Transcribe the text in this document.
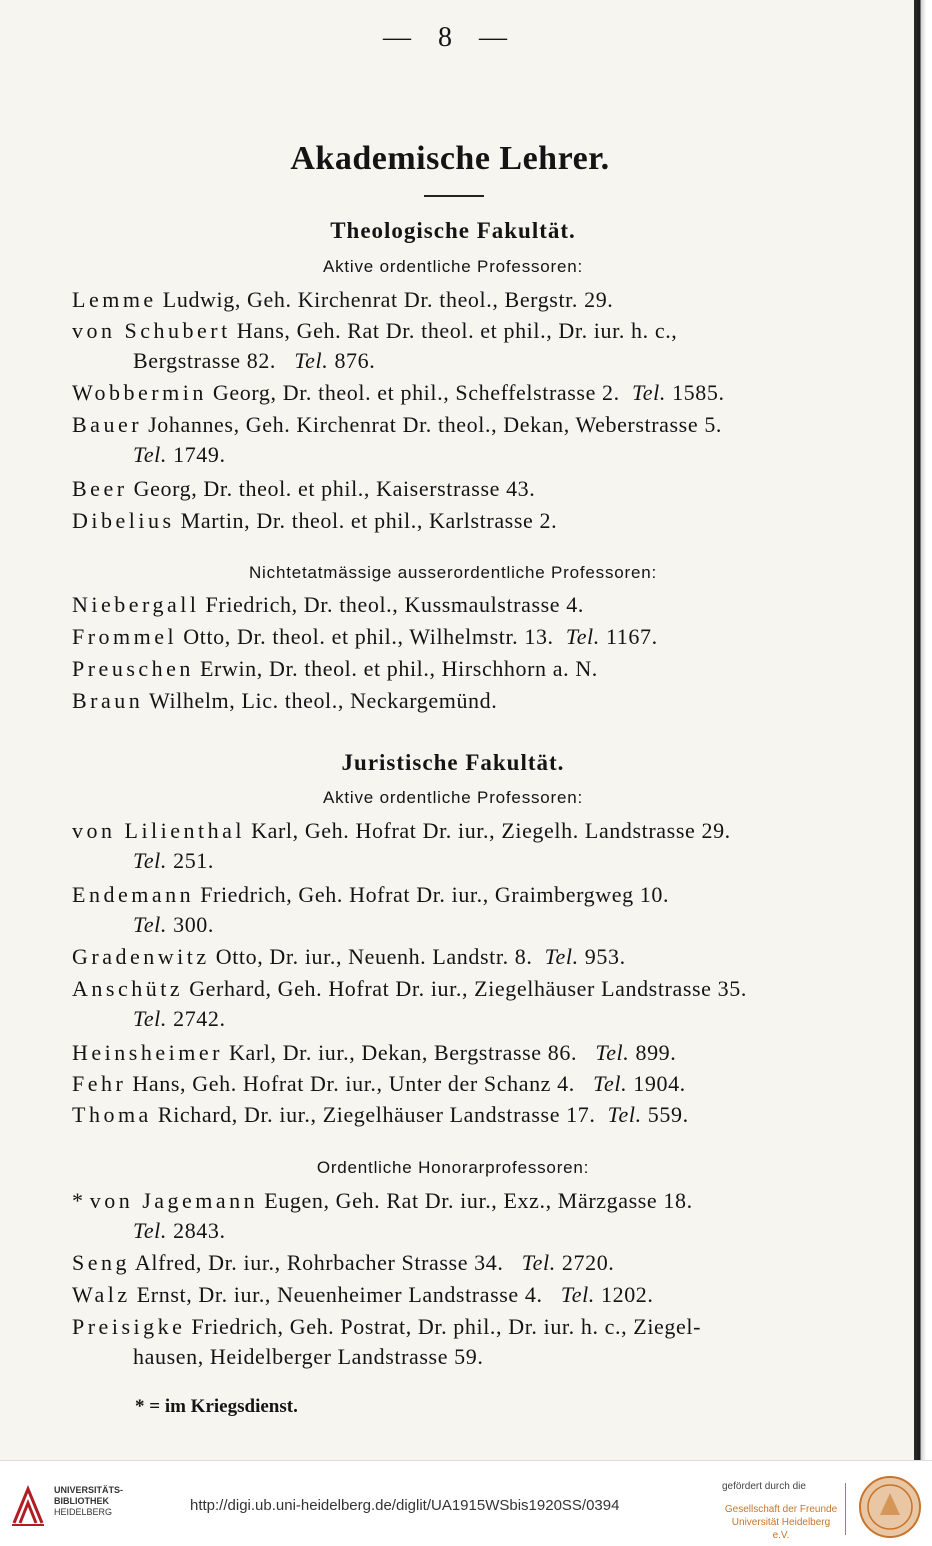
— 8 —
Akademische Lehrer.
Theologische Fakultät.
Aktive ordentliche Professoren:
Lemme Ludwig, Geh. Kirchenrat Dr. theol., Bergstr. 29.
von Schubert Hans, Geh. Rat Dr. theol. et phil., Dr. iur. h. c.,
Bergstrasse 82. Tel. 876.
Wobbermin Georg, Dr. theol. et phil., Scheffelstrasse 2. Tel. 1585.
Bauer Johannes, Geh. Kirchenrat Dr. theol., Dekan, Weberstrasse 5.
Tel. 1749.
Beer Georg, Dr. theol. et phil., Kaiserstrasse 43.
Dibelius Martin, Dr. theol. et phil., Karlstrasse 2.
Nichtetatmässige ausserordentliche Professoren:
Niebergall Friedrich, Dr. theol., Kussmaulstrasse 4.
Frommel Otto, Dr. theol. et phil., Wilhelmstr. 13. Tel. 1167.
Preuschen Erwin, Dr. theol. et phil., Hirschhorn a. N.
Braun Wilhelm, Lic. theol., Neckargemünd.
Juristische Fakultät.
Aktive ordentliche Professoren:
von Lilienthal Karl, Geh. Hofrat Dr. iur., Ziegelh. Landstrasse 29.
Tel. 251.
Endemann Friedrich, Geh. Hofrat Dr. iur., Graimbergweg 10.
Tel. 300.
Gradenwitz Otto, Dr. iur., Neuenh. Landstr. 8. Tel. 953.
Anschütz Gerhard, Geh. Hofrat Dr. iur., Ziegelhäuser Landstrasse 35.
Tel. 2742.
Heinsheimer Karl, Dr. iur., Dekan, Bergstrasse 86. Tel. 899.
Fehr Hans, Geh. Hofrat Dr. iur., Unter der Schanz 4. Tel. 1904.
Thoma Richard, Dr. iur., Ziegelhäuser Landstrasse 17. Tel. 559.
Ordentliche Honorarprofessoren:
* von Jagemann Eugen, Geh. Rat Dr. iur., Exz., Märzgasse 18.
Tel. 2843.
Seng Alfred, Dr. iur., Rohrbacher Strasse 34. Tel. 2720.
Walz Ernst, Dr. iur., Neuenheimer Landstrasse 4. Tel. 1202.
Preisigke Friedrich, Geh. Postrat, Dr. phil., Dr. iur. h. c., Ziegel-
hausen, Heidelberger Landstrasse 59.
* = im Kriegsdienst.
UNIVERSITÄTS-
BIBLIOTHEK
HEIDELBERG	http://digi.ub.uni-heidelberg.de/diglit/UA1915WSbis1920SS/0394
gefördert durch die
Gesellschaft der Freunde
Universität Heidelberg e.V.
